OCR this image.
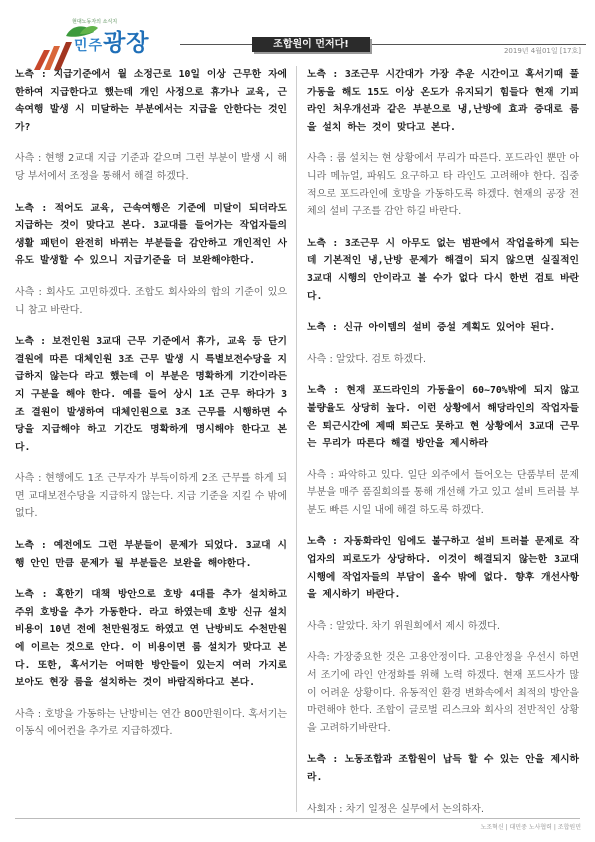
현대노동자의 소식지
민주광장	조합원이 먼저다!
2019년 4월01일 [17호]

노측 : 지급기준에서 월 소정근로 10일 이상 근무한 자에 한하여 지급한다고 했는데 개인 사정으로 휴가나 교육, 근속여행 발생 시 미달하는 부분에서는 지급을 안한다는 것인가?

사측 : 현행 2교대 지급 기준과 같으며 그런 부분이 발생 시 해당 부서에서 조정을 통해서 해결 하겠다.

노측 : 적어도 교육, 근속여행은 기준에 미달이 되더라도 지급하는 것이 맞다고 본다. 3교대를 들어가는 작업자들의 생활 패턴이 완전히 바뀌는 부분들을 감안하고 개인적인 사유도 발생할 수 있으니 지급기준을 더 보완해야한다.

사측 : 회사도 고민하겠다. 조합도 회사와의 합의 기준이 있으니 참고 바란다.

노측 : 보전인원 3교대 근무 기준에서 휴가, 교육 등 단기결원에 따른 대체인원 3조 근무 발생 시 특별보전수당을 지급하지 않는다 라고 했는데 이 부분은 명확하게 기간이라든지 구분을 해야 한다. 예를 들어 상시 1조 근무 하다가 3조 결원이 발생하여 대체인원으로 3조 근무를 시행하면 수당을 지급해야 하고 기간도 명확하게 명시해야 한다고 본다.

사측 : 현행에도 1조 근무자가 부득이하게 2조 근무를 하게 되면 교대보전수당을 지급하지 않는다. 지급 기준을 지킬 수 밖에 없다.

노측 : 예전에도 그런 부분들이 문제가 되었다. 3교대 시행 안인 만큼 문제가 될 부분들은 보완을 해야한다.

노측 : 혹한기 대책 방안으로 호방 4대를 추가 설치하고 주위 호방을 추가 가동한다. 라고 하였는데 호방 신규 설치비용이 10년 전에 천만원정도 하였고 연 난방비도 수천만원에 이르는 것으로 안다. 이 비용이면 룸 설치가 맞다고 본다. 또한, 혹서기는 어떠한 방안들이 있는지 여러 가지로 보아도 현장 룸을 설치하는 것이 바람직하다고 본다.

사측 : 호방을 가동하는 난방비는 연간 800만원이다. 혹서기는 이동식 에어컨을 추가로 지급하겠다.

노측 : 3조근무 시간대가 가장 추운 시간이고 혹서기때 풀가동을 해도 15도 이상 온도가 유지되기 힘들다 현재 기피라인 처우개선과 같은 부분으로 냉,난방에 효과 증대로 룸을 설치 하는 것이 맞다고 본다.

사측 : 룸 설치는 현 상황에서 무리가 따른다. 포드라인 뿐만 아니라 메뉴얼, 파워도 요구하고 타 라인도 고려해야 한다. 집중적으로 포드라인에 호방을 가동하도록 하겠다. 현재의 공장 전체의 설비 구조를 감안 하길 바란다.

노측 : 3조근무 시 아무도 없는 범판에서 작업을하게 되는데 기본적인 냉,난방 문제가 해결이 되지 않으면 실질적인 3교대 시행의 안이라고 볼 수가 없다 다시 한번 검토 바란다.

노측 : 신규 아이템의 설비 증설 계획도 있어야 된다.

사측 : 알았다. 검토 하겠다.

노측 : 현재 포드라인의 가동율이 60~70%밖에 되지 않고 불량율도 상당히 높다. 이런 상황에서 해당라인의 작업자들은 퇴근시간에 제때 퇴근도 못하고 현 상황에서 3교대 근무는 무리가 따른다 해결 방안을 제시하라

사측 : 파악하고 있다. 일단 외주에서 들어오는 단품부터 문제 부분을 매주 품질회의를 통해 개선해 가고 있고 설비 트러블 부분도 빠른 시일 내에 해결 하도록 하겠다.

노측 : 자동화라인 임에도 불구하고 설비 트러블 문제로 작업자의 피로도가 상당하다. 이것이 해결되지 않는한 3교대 시행에 작업자들의 부담이 올수 밖에 없다. 향후 개선사항을 제시하기 바란다.

사측 : 알았다. 차기 위원회에서 제시 하겠다.

사측: 가장중요한 것은 고용안정이다. 고용안정을 우선시 하면서 조기에 라인 안정화를 위해 노력 하겠다. 현재 포드사가 많이 어려운 상황이다. 유동적인 환경 변화속에서 최적의 방안을 마련해야 한다. 조합이 글로벌 리스크와 회사의 전반적인 상황을 고려하기바란다.

노측 : 노동조합과 조합원이 납득 할 수 있는 안을 제시하라.

사회자 : 차기 일정은 실무에서 논의하자.

노조혁신 | 대민중 노사협력 | 조합원민
